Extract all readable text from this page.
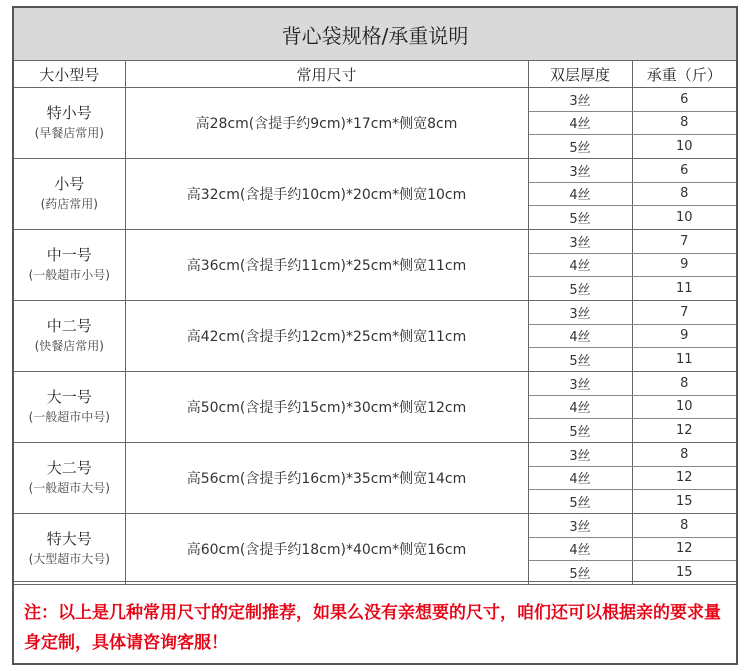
背心袋规格/承重说明
大小型号	常用尺寸	双层厚度	承重（斤）

特小号
(早餐店常用)	高28cm(含提手约9cm)*17cm*侧宽8cm	3丝	6
		4丝	8
		5丝	10

小号
(药店常用)	高32cm(含提手约10cm)*20cm*侧宽10cm	3丝	6
		4丝	8
		5丝	10

中一号
(一般超市小号)	高36cm(含提手约11cm)*25cm*侧宽11cm	3丝	7
		4丝	9
		5丝	11

中二号
(快餐店常用)	高42cm(含提手约12cm)*25cm*侧宽11cm	3丝	7
		4丝	9
		5丝	11

大一号
(一般超市中号)	高50cm(含提手约15cm)*30cm*侧宽12cm	3丝	8
		4丝	10
		5丝	12

大二号
(一般超市大号)	高56cm(含提手约16cm)*35cm*侧宽14cm	3丝	8
		4丝	12
		5丝	15

特大号
(大型超市大号)	高60cm(含提手约18cm)*40cm*侧宽16cm	3丝	8
		4丝	12
		5丝	15
注：以上是几种常用尺寸的定制推荐，如果么没有亲想要的尺寸，咱们还可以根据亲的要求量身定制，具体请咨询客服！
